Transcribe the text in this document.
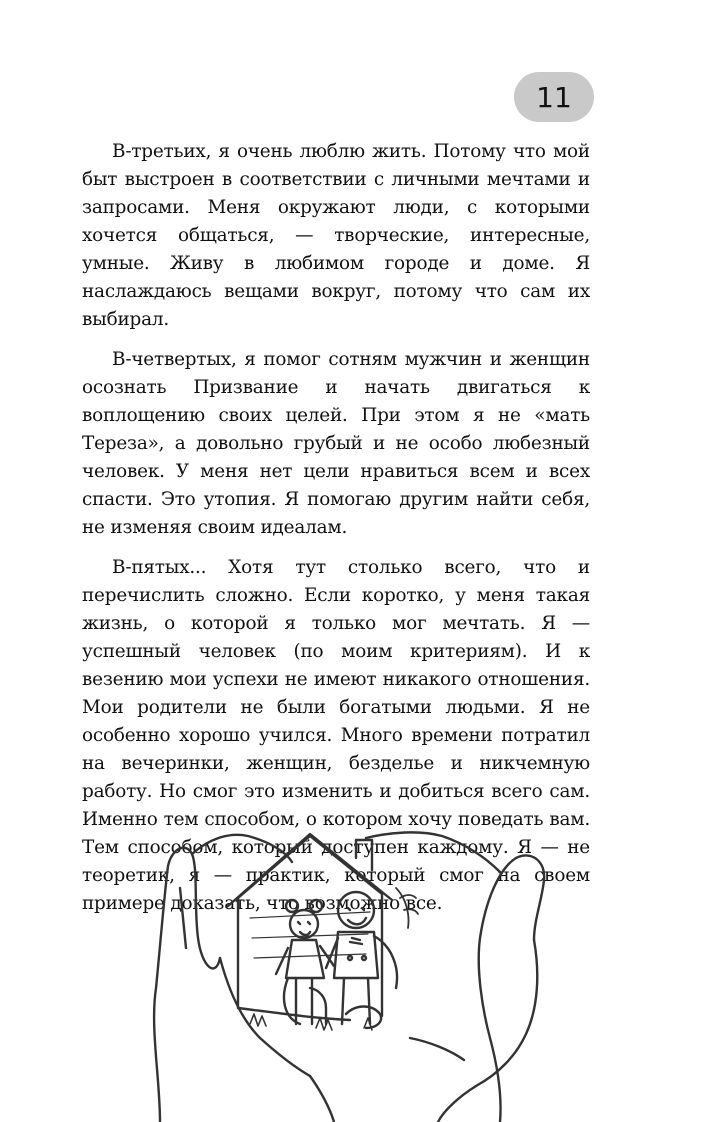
11

В-третьих, я очень люблю жить. Потому что мой быт выстроен в соответствии с личными мечтами и запросами. Меня окружают люди, с которыми хочется общаться, — творческие, интересные, умные. Живу в любимом городе и доме. Я наслаждаюсь вещами вокруг, потому что сам их выбирал.

В-четвертых, я помог сотням мужчин и женщин осознать Призвание и начать двигаться к воплощению своих целей. При этом я не «мать Тереза», а довольно грубый и не особо любезный человек. У меня нет цели нравиться всем и всех спасти. Это утопия. Я помогаю другим найти себя, не изменяя своим идеалам.

В-пятых... Хотя тут столько всего, что и перечислить сложно. Если коротко, у меня такая жизнь, о которой я только мог мечтать. Я — успешный человек (по моим критериям). И к везению мои успехи не имеют никакого отношения. Мои родители не были богатыми людьми. Я не особенно хорошо учился. Много времени потратил на вечеринки, женщин, безделье и никчемную работу. Но смог это изменить и добиться всего сам. Именно тем способом, о котором хочу поведать вам. Тем способом, который доступен каждому. Я — не теоретик, я — практик, который смог на своем примере доказать, что возможно все.
